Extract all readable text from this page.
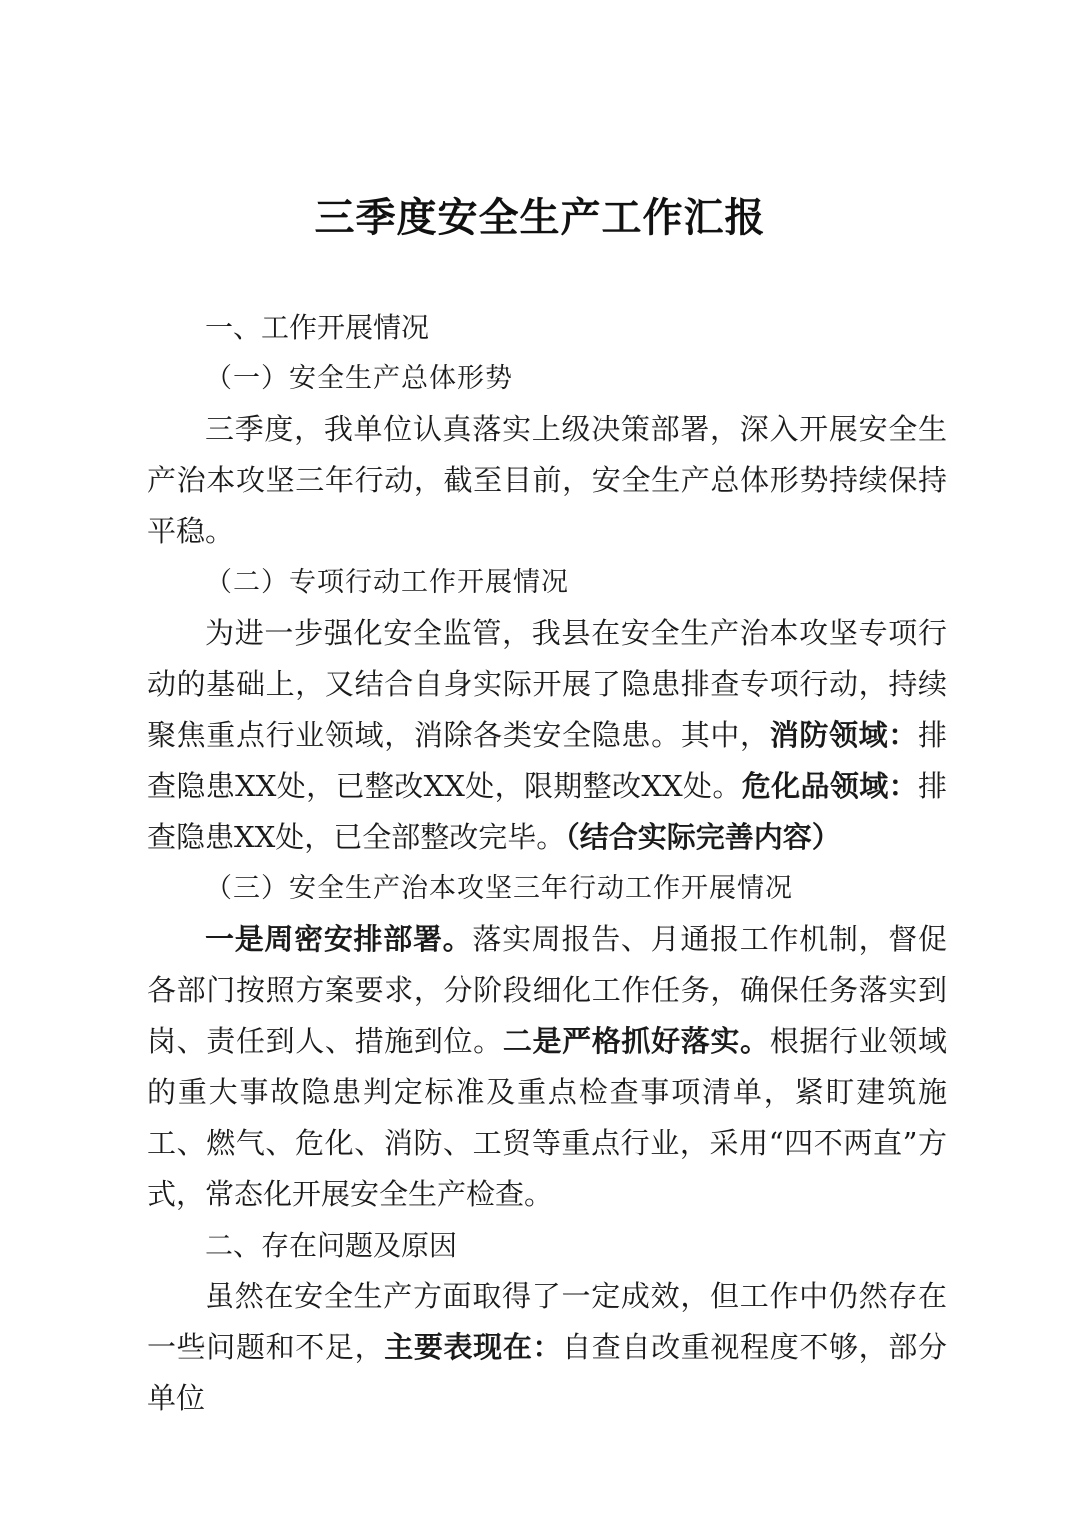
三季度安全生产工作汇报

一、工作开展情况

（一）安全生产总体形势

三季度，我单位认真落实上级决策部署，深入开展安全生产治本攻坚三年行动，截至目前，安全生产总体形势持续保持平稳。

（二）专项行动工作开展情况

为进一步强化安全监管，我县在安全生产治本攻坚专项行动的基础上，又结合自身实际开展了隐患排查专项行动，持续聚焦重点行业领域，消除各类安全隐患。其中，消防领域：排查隐患XX处，已整改XX处，限期整改XX处。危化品领域：排查隐患XX处，已全部整改完毕。（结合实际完善内容）

（三）安全生产治本攻坚三年行动工作开展情况

一是周密安排部署。落实周报告、月通报工作机制，督促各部门按照方案要求，分阶段细化工作任务，确保任务落实到岗、责任到人、措施到位。二是严格抓好落实。根据行业领域的重大事故隐患判定标准及重点检查事项清单，紧盯建筑施工、燃气、危化、消防、工贸等重点行业，采用“四不两直”方式，常态化开展安全生产检查。

二、存在问题及原因

虽然在安全生产方面取得了一定成效，但工作中仍然存在一些问题和不足，主要表现在：自查自改重视程度不够，部分单位
